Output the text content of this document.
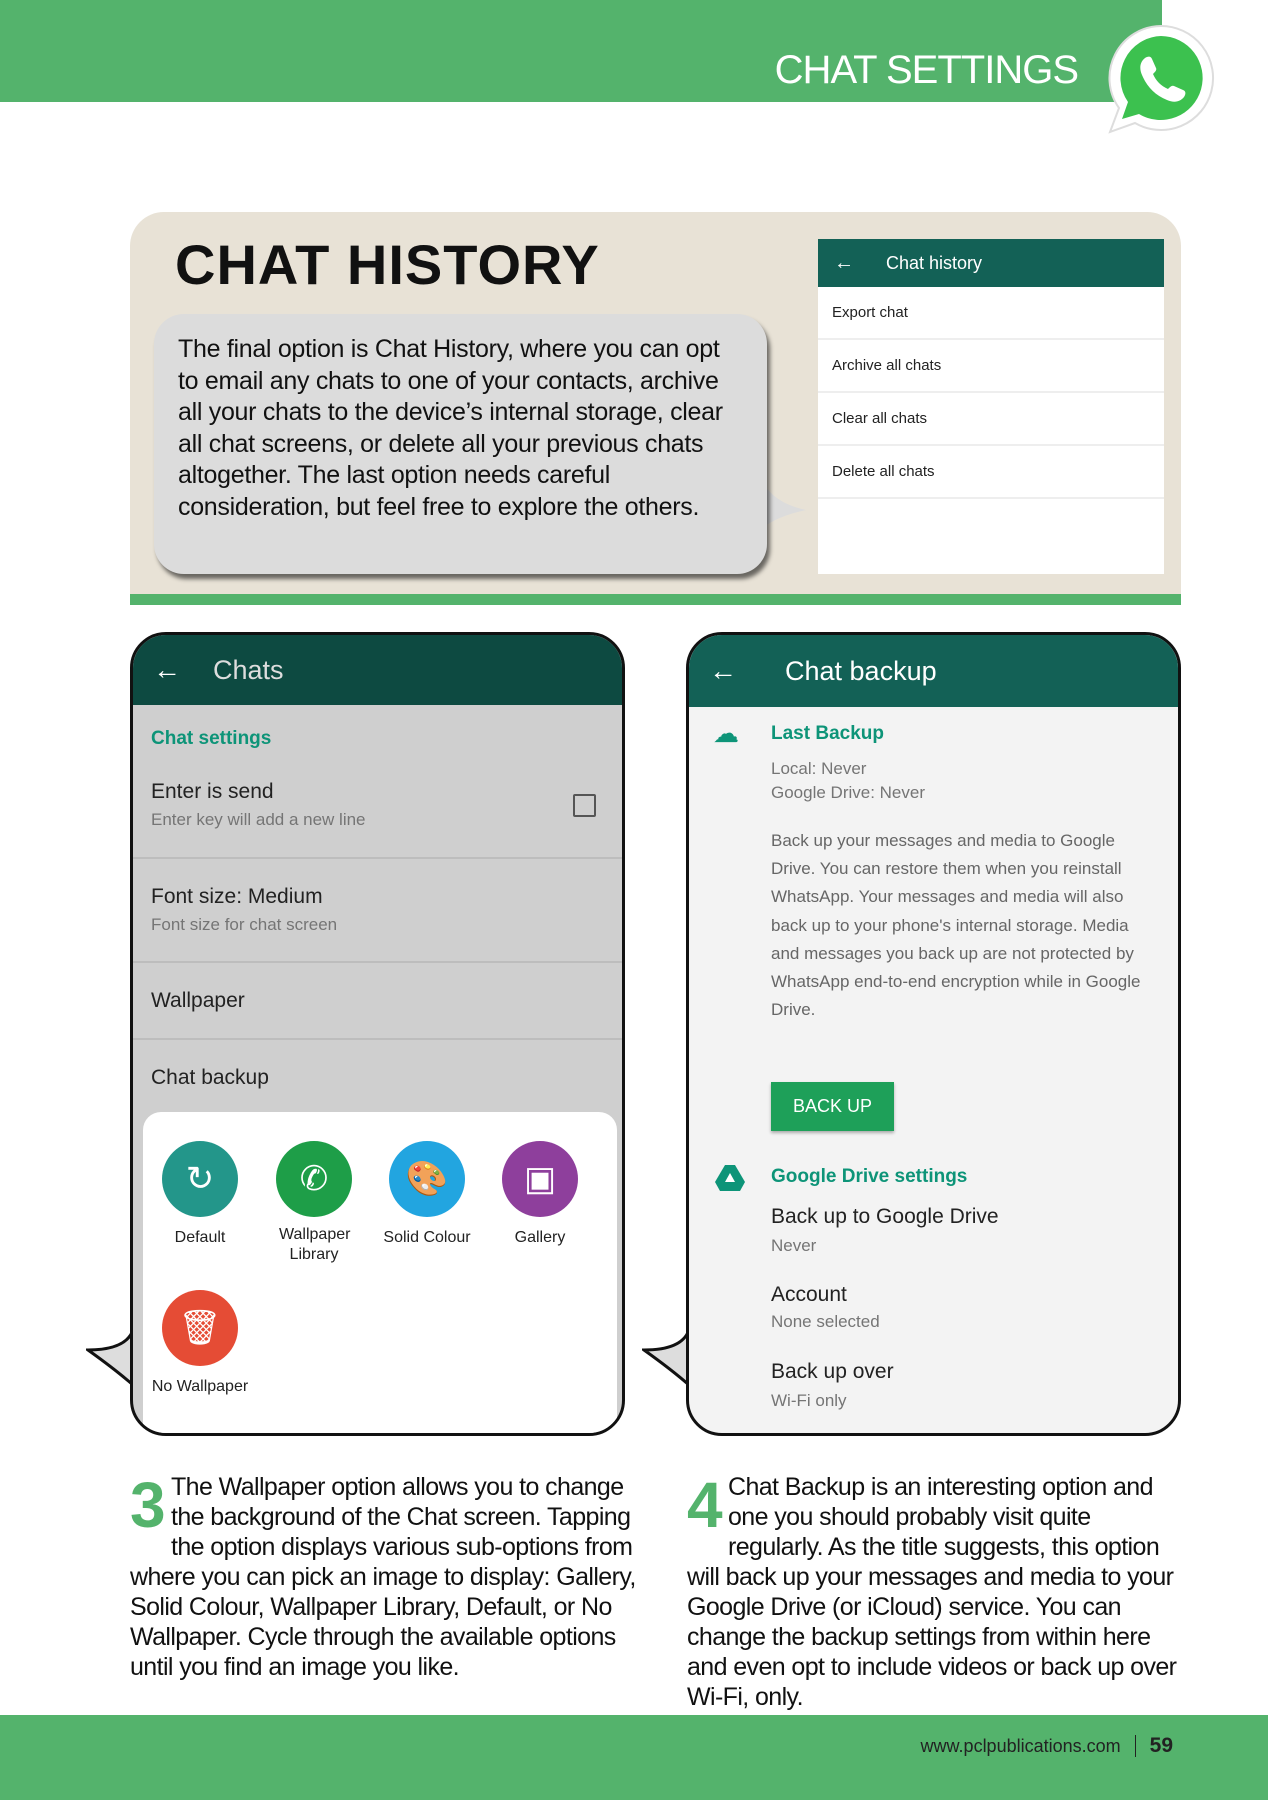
CHAT SETTINGS
CHAT HISTORY
The final option is Chat History, where you can opt to email any chats to one of your contacts, archive all your chats to the device’s internal storage, clear all chat screens, or delete all your previous chats altogether. The last option needs careful consideration, but feel free to explore the others.
←	Chat history
Export chat
Archive all chats
Clear all chats
Delete all chats
←	Chats
Chat settings
Enter is send
Enter key will add a new line
Font size: Medium
Font size for chat screen
Wallpaper
Chat backup
↻
Default
✆
Wallpaper Library
🎨
Solid Colour
▣
Gallery
🗑
No Wallpaper
←	Chat backup
☁	Last Backup
Local: Never
Google Drive: Never
Back up your messages and media to Google Drive. You can restore them when you reinstall WhatsApp. Your messages and media will also back up to your phone's internal storage. Media and messages you back up are not protected by WhatsApp end-to-end encryption while in Google Drive.
BACK UP
Google Drive settings
Back up to Google Drive
Never
Account
None selected
Back up over
Wi-Fi only
3 The Wallpaper option allows you to change the background of the Chat screen. Tapping the option displays various sub-options from where you can pick an image to display: Gallery, Solid Colour, Wallpaper Library, Default, or No Wallpaper. Cycle through the available options until you find an image you like.
4 Chat Backup is an interesting option and one you should probably visit quite regularly. As the title suggests, this option will back up your messages and media to your Google Drive (or iCloud) service. You can change the backup settings from within here and even opt to include videos or back up over Wi-Fi, only.
www.pclpublications.com 59
